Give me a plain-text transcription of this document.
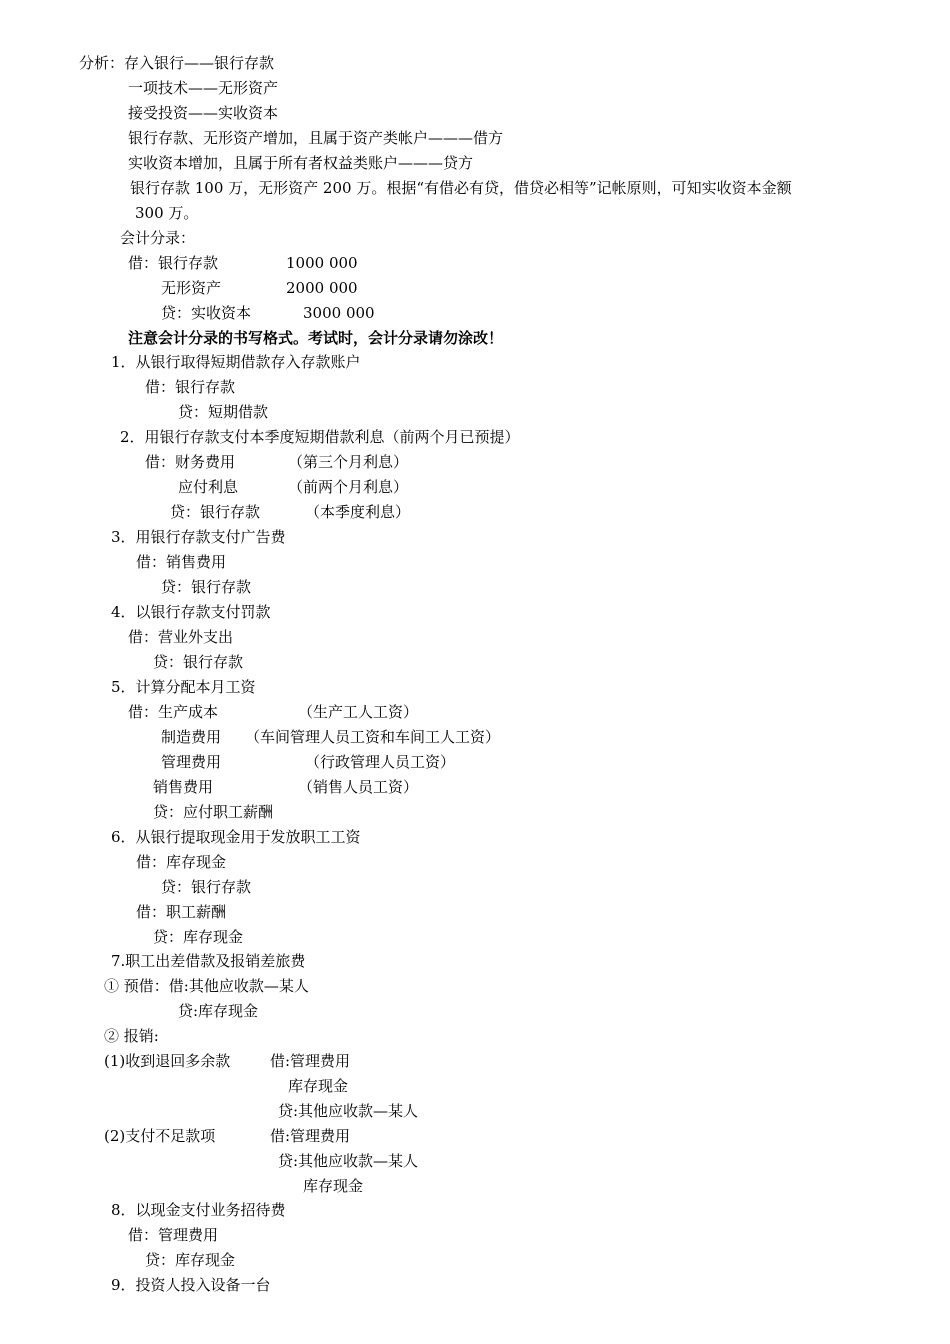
分析：存入银行——银行存款
一项技术——无形资产
接受投资——实收资本
银行存款、无形资产增加，且属于资产类帐户———借方
实收资本增加，且属于所有者权益类账户———贷方
银行存款 100 万，无形资产 200 万。根据“有借必有贷，借贷必相等”记帐原则，可知实收资本金额
300 万。
会计分录：
借：银行存款	1000 000
无形资产	2000 000
贷：实收资本	3000 000
注意会计分录的书写格式。考试时，会计分录请勿涂改！
1．从银行取得短期借款存入存款账户
借：银行存款
贷：短期借款
2．用银行存款支付本季度短期借款利息（前两个月已预提）
借：财务费用	（第三个月利息）
应付利息	（前两个月利息）
贷：银行存款	（本季度利息）
3．用银行存款支付广告费
借：销售费用
贷：银行存款
4．以银行存款支付罚款
借：营业外支出
贷：银行存款
5．计算分配本月工资
借：生产成本	（生产工人工资）
制造费用 （车间管理人员工资和车间工人工资）
管理费用	（行政管理人员工资）
销售费用	（销售人员工资）
贷：应付职工薪酬
6．从银行提取现金用于发放职工工资
借：库存现金
贷：银行存款
借：职工薪酬
贷：库存现金
7.职工出差借款及报销差旅费
① 预借：借:其他应收款—某人
贷:库存现金
② 报销:
(1)收到退回多余款	借:管理费用
库存现金
贷:其他应收款—某人
(2)支付不足款项	借:管理费用
贷:其他应收款—某人
库存现金
8．以现金支付业务招待费
借：管理费用
贷：库存现金
9．投资人投入设备一台
